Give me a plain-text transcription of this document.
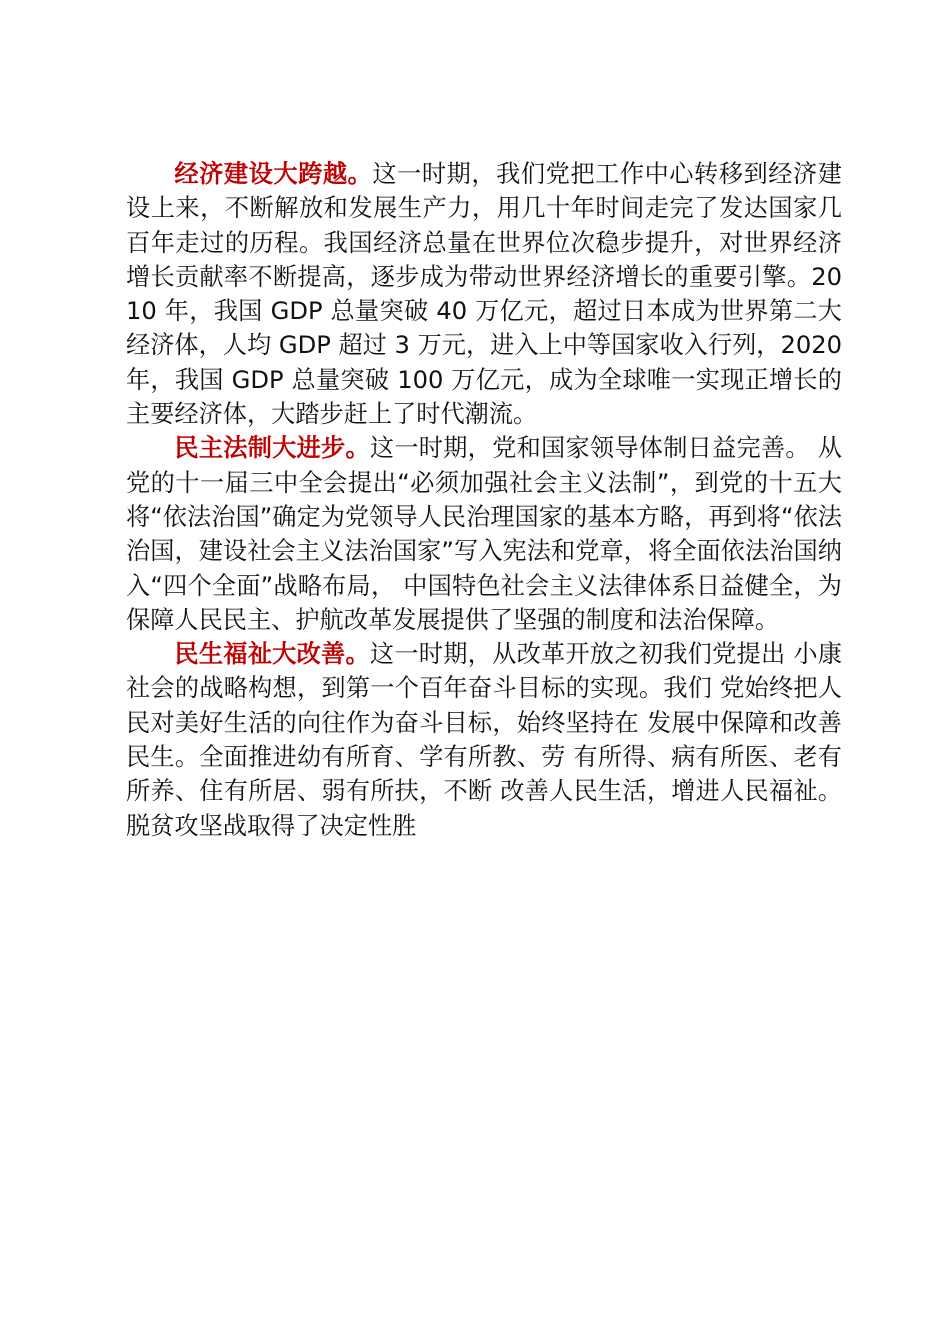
经济建设大跨越。这一时期，我们党把工作中心转移到经济建设上来，不断解放和发展生产力，用几十年时间走完了发达国家几百年走过的历程。我国经济总量在世界位次稳步提升，对世界经济增长贡献率不断提高，逐步成为带动世界经济增长的重要引擎。2010 年，我国 GDP 总量突破 40 万亿元，超过日本成为世界第二大经济体，人均 GDP 超过 3 万元，进入上中等国家收入行列，2020 年，我国 GDP 总量突破 100 万亿元，成为全球唯一实现正增长的主要经济体，大踏步赶上了时代潮流。

民主法制大进步。这一时期，党和国家领导体制日益完善。 从党的十一届三中全会提出“必须加强社会主义法制”，到党的十五大将“依法治国”确定为党领导人民治理国家的基本方略，再到将“依法治国，建设社会主义法治国家”写入宪法和党章，将全面依法治国纳入“四个全面”战略布局， 中国特色社会主义法律体系日益健全，为保障人民民主、护航改革发展提供了坚强的制度和法治保障。

民生福祉大改善。这一时期，从改革开放之初我们党提出 小康社会的战略构想，到第一个百年奋斗目标的实现。我们 党始终把人民对美好生活的向往作为奋斗目标，始终坚持在 发展中保障和改善民生。全面推进幼有所育、学有所教、劳 有所得、病有所医、老有所养、住有所居、弱有所扶，不断 改善人民生活，增进人民福祉。脱贫攻坚战取得了决定性胜
